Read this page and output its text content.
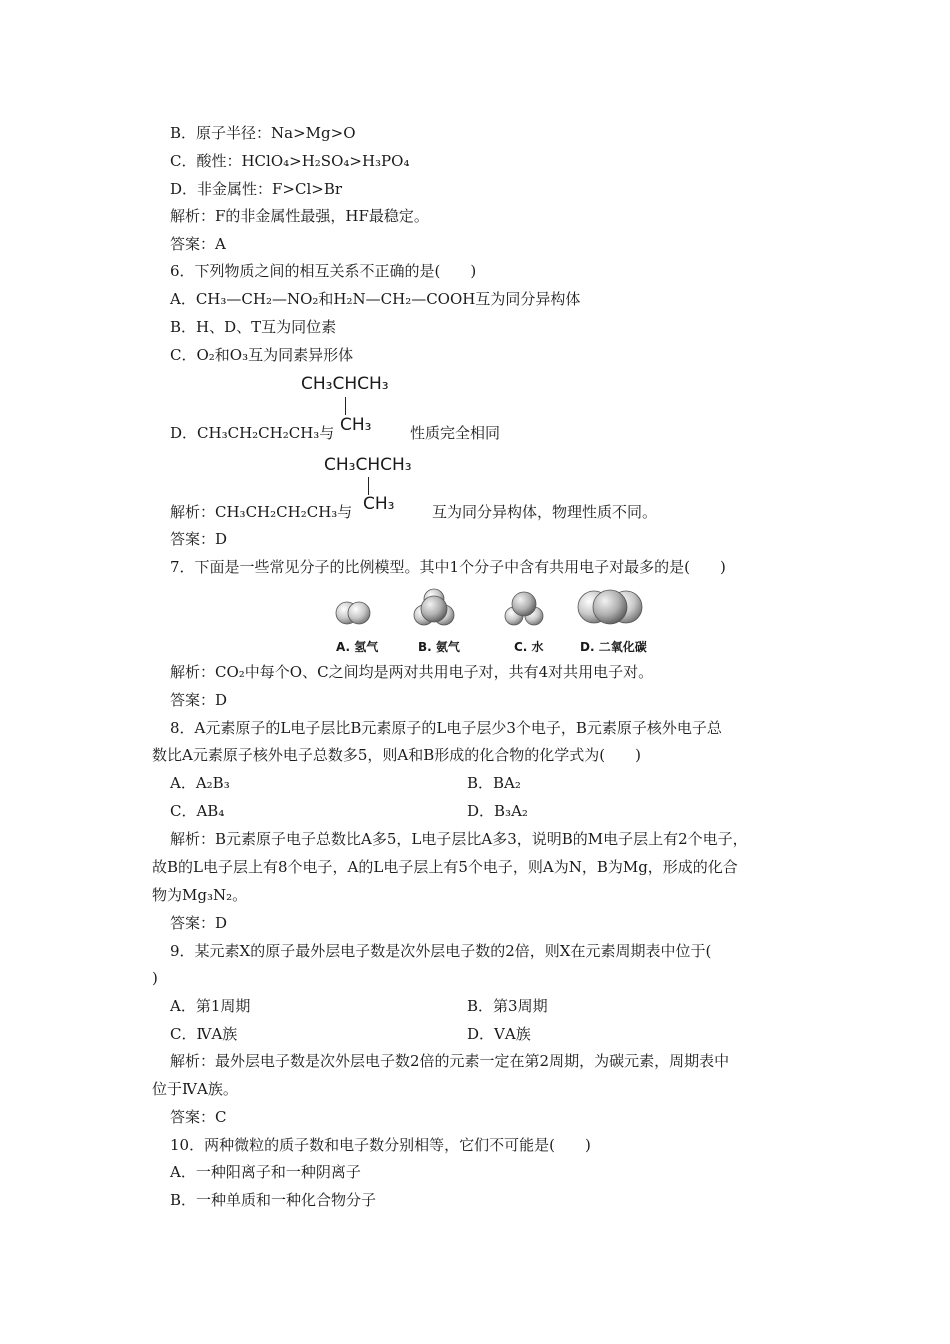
B．原子半径：Na>Mg>O
C．酸性：HClO₄>H₂SO₄>H₃PO₄
D．非金属性：F>Cl>Br
解析：F的非金属性最强，HF最稳定。
答案：A
6．下列物质之间的相互关系不正确的是(　　)
A．CH₃—CH₂—NO₂和H₂N—CH₂—COOH互为同分异构体
B．H、D、T互为同位素
C．O₂和O₃互为同素异形体
CH₃CHCH₃
CH₃
D．CH₃CH₂CH₂CH₃与	性质完全相同
CH₃CHCH₃
CH₃
解析：CH₃CH₂CH₂CH₃与	互为同分异构体，物理性质不同。
答案：D
7．下面是一些常见分子的比例模型。其中1个分子中含有共用电子对最多的是(　　)
A. 氢气	B. 氨气	C. 水	D. 二氧化碳
解析：CO₂中每个O、C之间均是两对共用电子对，共有4对共用电子对。
答案：D
8．A元素原子的L电子层比B元素原子的L电子层少3个电子，B元素原子核外电子总
数比A元素原子核外电子总数多5，则A和B形成的化合物的化学式为(　　)
A．A₂B₃	B．BA₂
C．AB₄	D．B₃A₂
解析：B元素原子电子总数比A多5，L电子层比A多3，说明B的M电子层上有2个电子，
故B的L电子层上有8个电子，A的L电子层上有5个电子，则A为N，B为Mg，形成的化合
物为Mg₃N₂。
答案：D
9．某元素X的原子最外层电子数是次外层电子数的2倍，则X在元素周期表中位于(
)
A．第1周期	B．第3周期
C．ⅣA族	D．ⅤA族
解析：最外层电子数是次外层电子数2倍的元素一定在第2周期，为碳元素，周期表中
位于ⅣA族。
答案：C
10．两种微粒的质子数和电子数分别相等，它们不可能是(　　)
A．一种阳离子和一种阴离子
B．一种单质和一种化合物分子
